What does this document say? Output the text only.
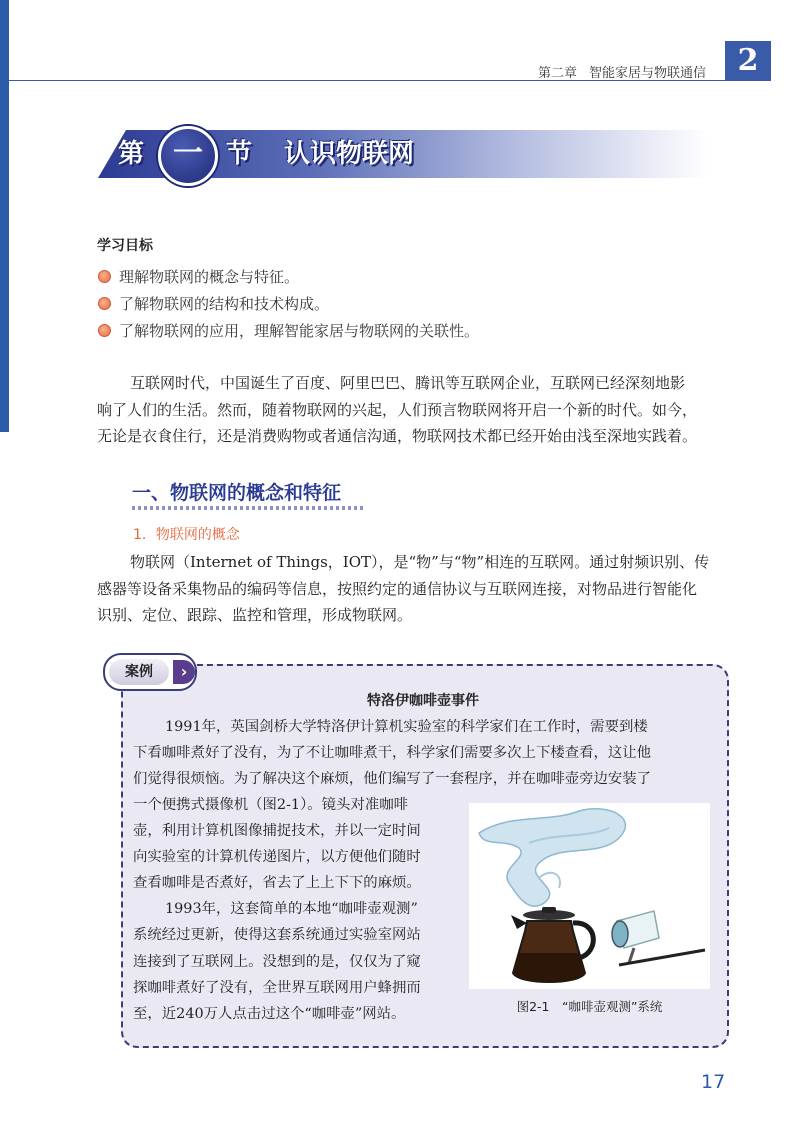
第二章 智能家居与物联通信	2
第 一 节 认识物联网
学习目标
理解物联网的概念与特征。
了解物联网的结构和技术构成。
了解物联网的应用，理解智能家居与物联网的关联性。
互联网时代，中国诞生了百度、阿里巴巴、腾讯等互联网企业，互联网已经深刻地影
响了人们的生活。然而，随着物联网的兴起，人们预言物联网将开启一个新的时代。如今，
无论是衣食住行，还是消费购物或者通信沟通，物联网技术都已经开始由浅至深地实践着。
一、物联网的概念和特征
1．物联网的概念
物联网（Internet of Things，IOT），是“物”与“物”相连的互联网。通过射频识别、传
感器等设备采集物品的编码等信息，按照约定的通信协议与互联网连接，对物品进行智能化
识别、定位、跟踪、监控和管理，形成物联网。
案例	›
特洛伊咖啡壶事件
1991年，英国剑桥大学特洛伊计算机实验室的科学家们在工作时，需要到楼
下看咖啡煮好了没有，为了不让咖啡煮干，科学家们需要多次上下楼查看，这让他
们觉得很烦恼。为了解决这个麻烦，他们编写了一套程序，并在咖啡壶旁边安装了
一个便携式摄像机（图2-1）。镜头对准咖啡
壶，利用计算机图像捕捉技术，并以一定时间
向实验室的计算机传递图片，以方便他们随时
查看咖啡是否煮好，省去了上上下下的麻烦。
1993年，这套简单的本地“咖啡壶观测”
系统经过更新，使得这套系统通过实验室网站
连接到了互联网上。没想到的是，仅仅为了窥
探咖啡煮好了没有，全世界互联网用户蜂拥而
至，近240万人点击过这个“咖啡壶”网站。	图2-1　“咖啡壶观测”系统
17
